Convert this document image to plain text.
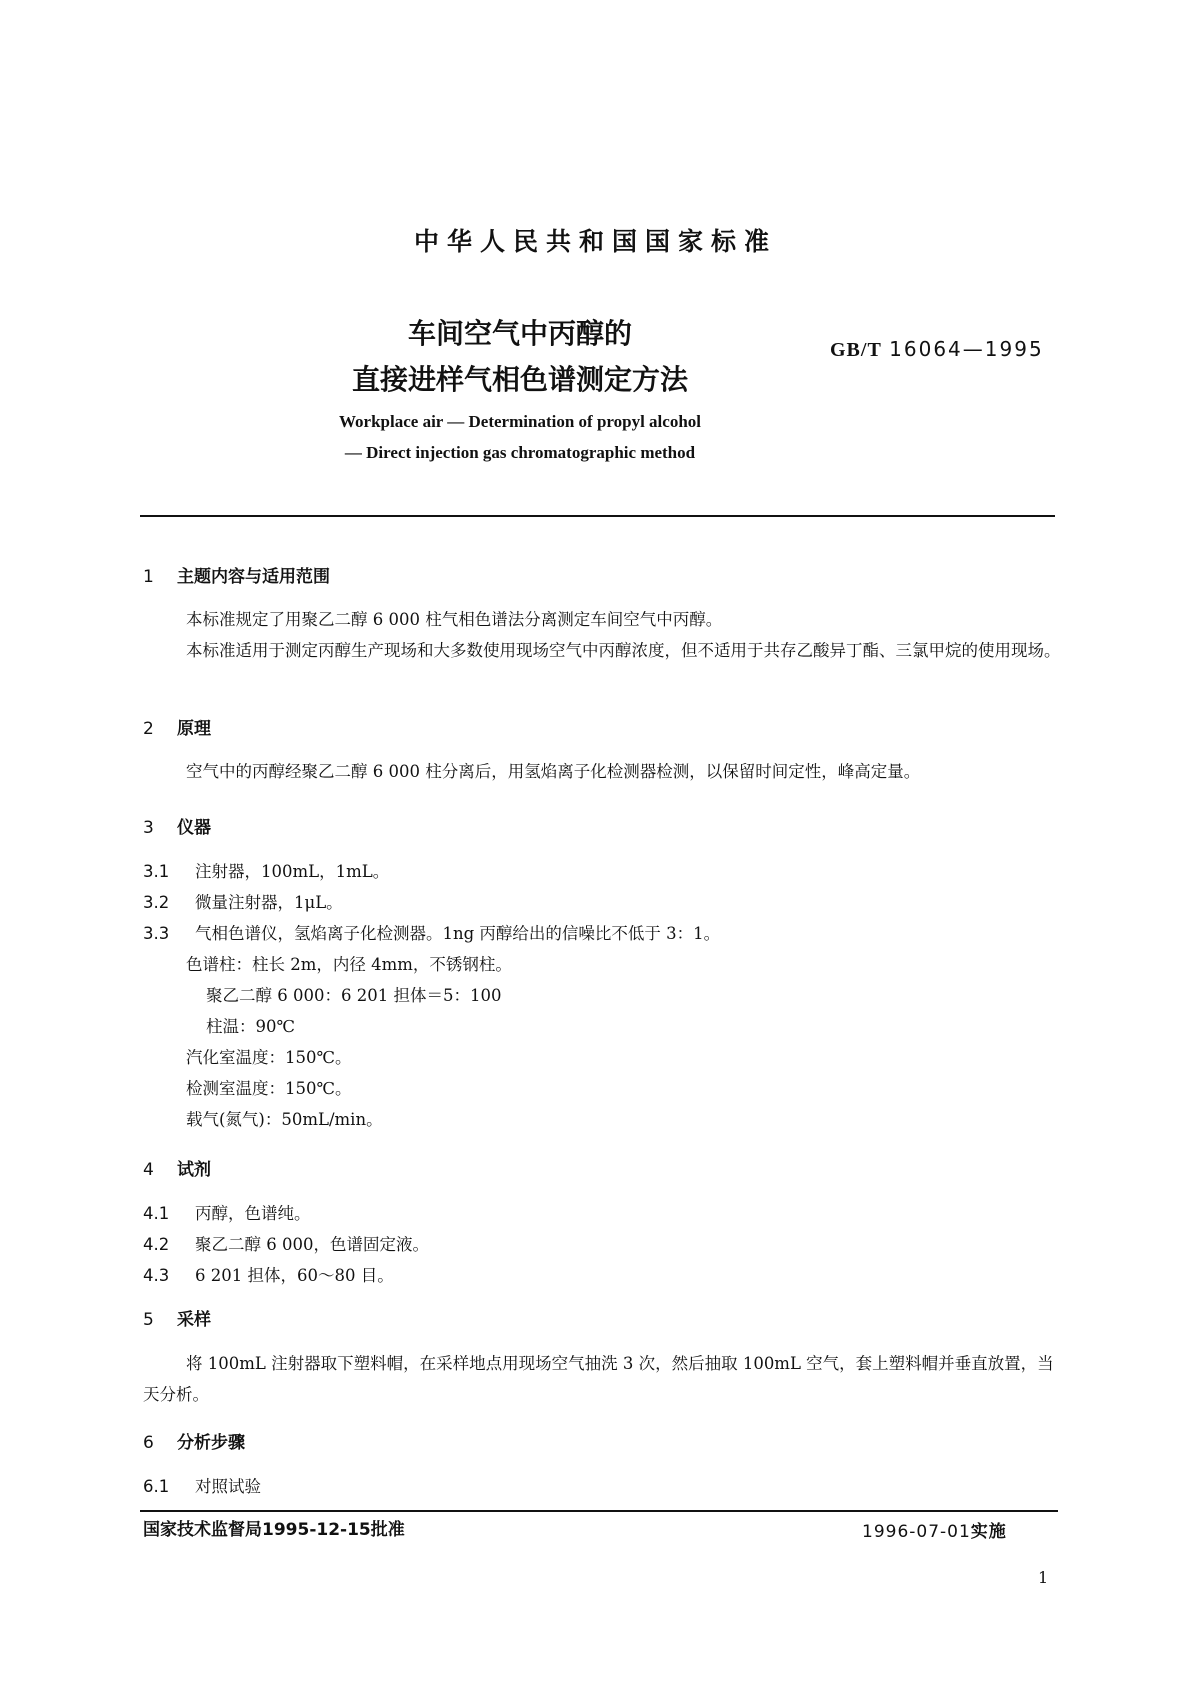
中华人民共和国国家标准
车间空气中丙醇的
直接进样气相色谱测定方法
GB/T 16064—1995
Workplace air — Determination of propyl alcohol
— Direct injection gas chromatographic method
1 主题内容与适用范围
本标准规定了用聚乙二醇 6 000 柱气相色谱法分离测定车间空气中丙醇。
本标准适用于测定丙醇生产现场和大多数使用现场空气中丙醇浓度，但不适用于共存乙酸异丁酯、三氯甲烷的使用现场。
2 原理
空气中的丙醇经聚乙二醇 6 000 柱分离后，用氢焰离子化检测器检测，以保留时间定性，峰高定量。
3 仪器
3.1 注射器，100mL，1mL。
3.2 微量注射器，1μL。
3.3 气相色谱仪，氢焰离子化检测器。1ng 丙醇给出的信噪比不低于 3：1。
色谱柱：柱长 2m，内径 4mm，不锈钢柱。
聚乙二醇 6 000：6 201 担体＝5：100
柱温：90℃
汽化室温度：150℃。
检测室温度：150℃。
载气(氮气)：50mL/min。
4 试剂
4.1 丙醇，色谱纯。
4.2 聚乙二醇 6 000，色谱固定液。
4.3 6 201 担体，60～80 目。
5 采样
将 100mL 注射器取下塑料帽，在采样地点用现场空气抽洗 3 次，然后抽取 100mL 空气，套上塑料帽并垂直放置，当天分析。
6 分析步骤
6.1 对照试验
国家技术监督局1995-12-15批准	1996-07-01实施
1
